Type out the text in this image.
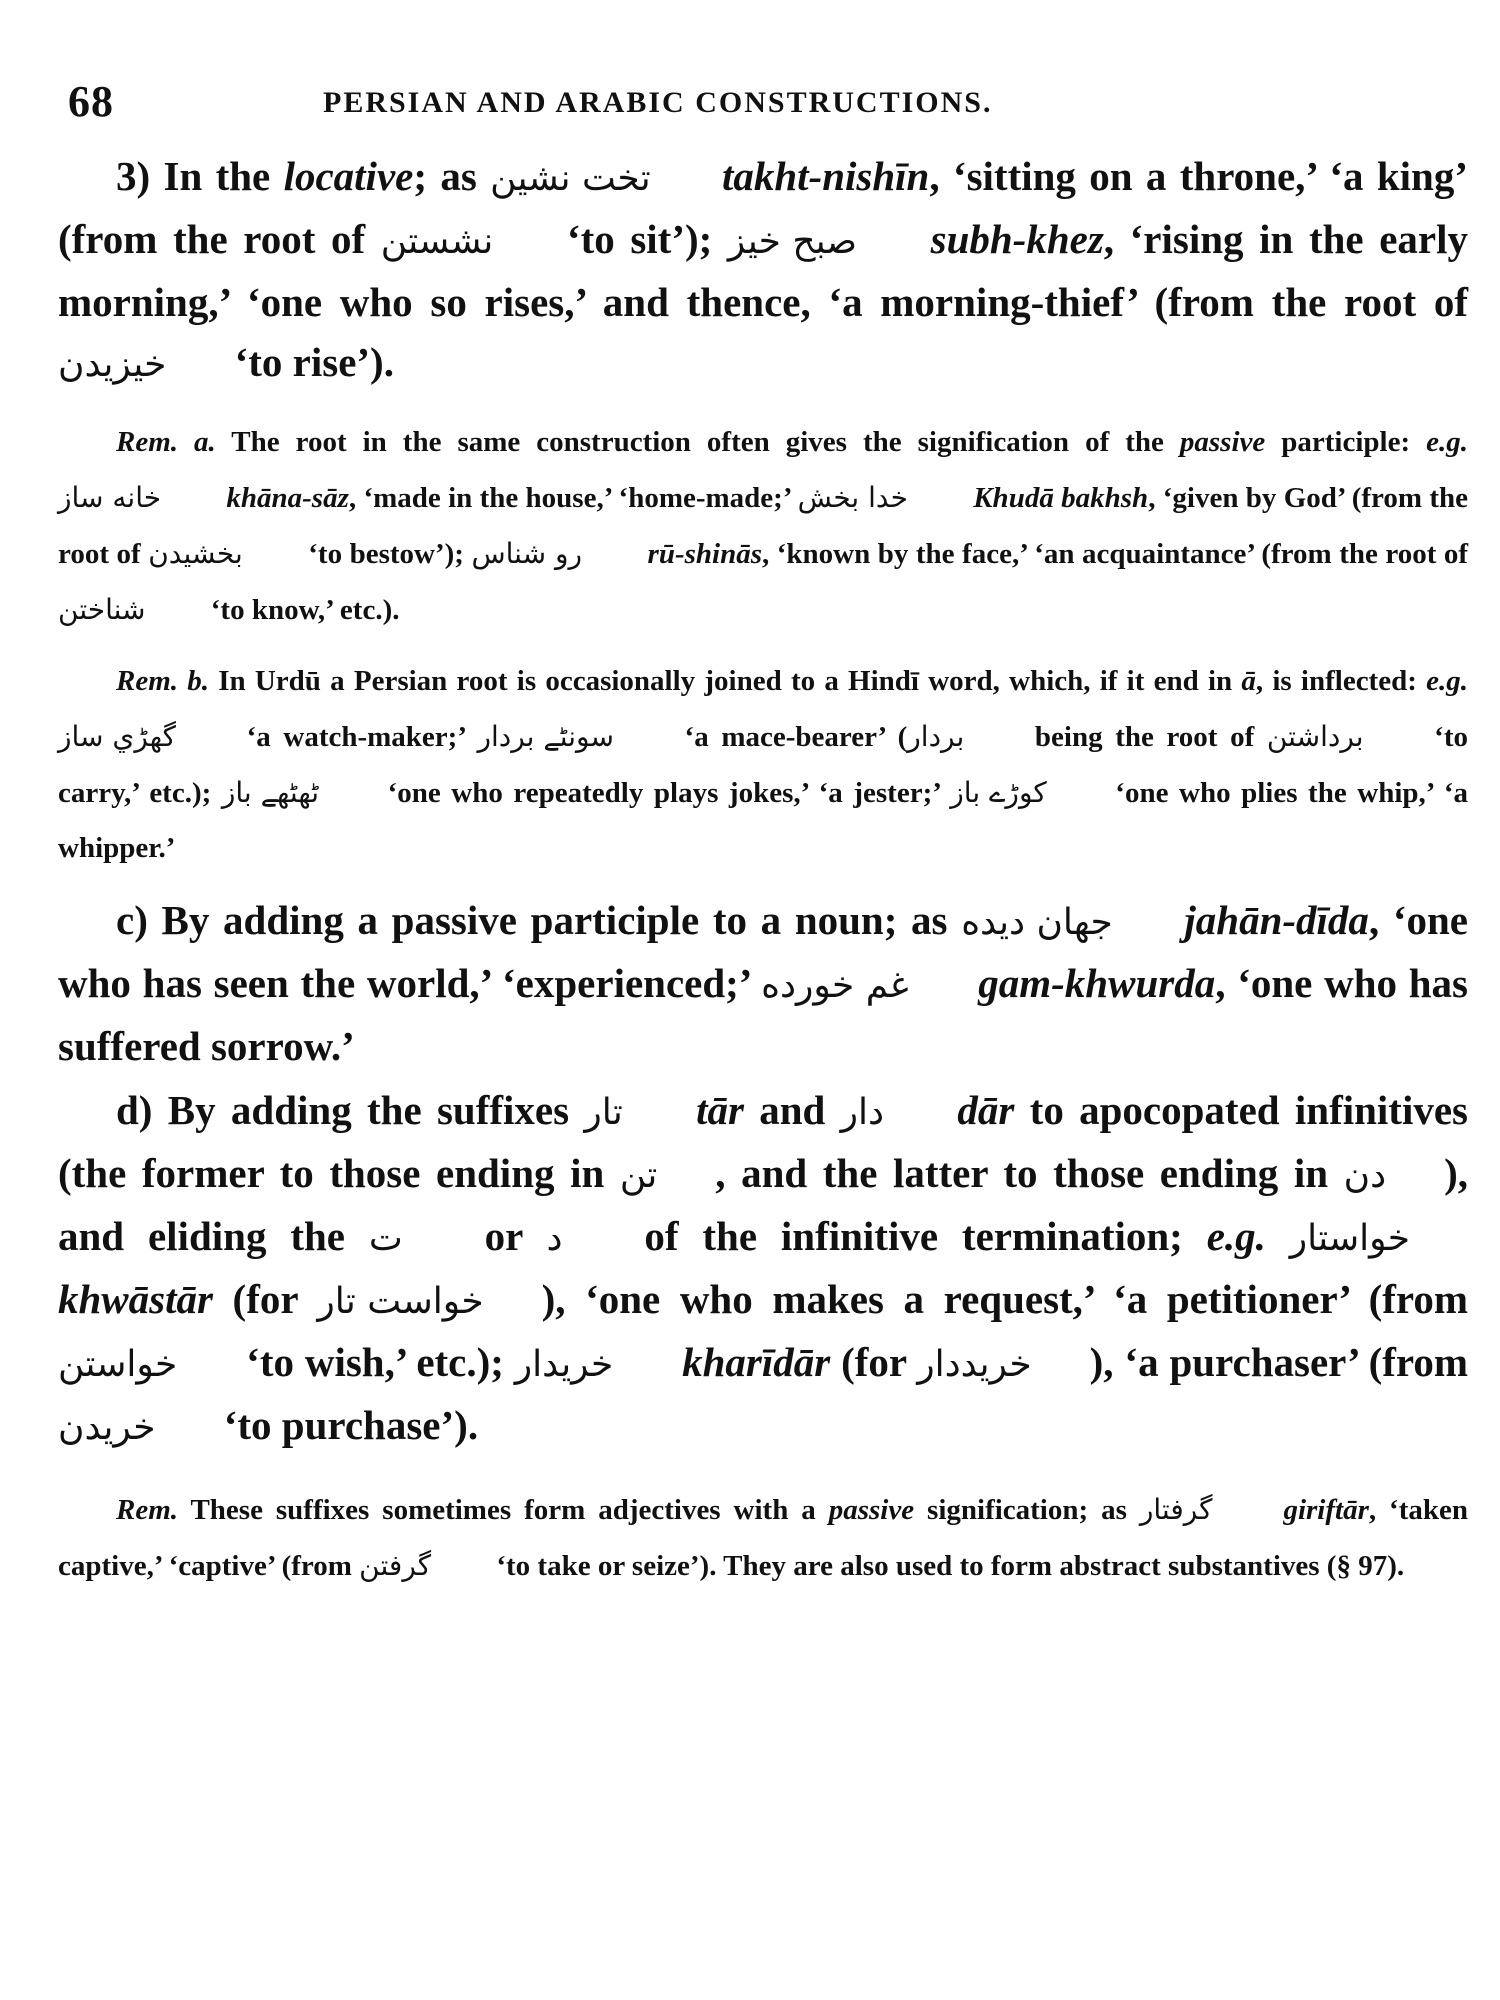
68	PERSIAN AND ARABIC CONSTRUCTIONS.

3) In the locative; as تخت نشين takht-nishīn, ‘sitting on a throne,’ ‘a king’ (from the root of نشستن ‘to sit’); صبح خيز subh-khez, ‘rising in the early morning,’ ‘one who so rises,’ and thence, ‘a morning-thief’ (from the root of خيزيدن ‘to rise’).

Rem. a. The root in the same construction often gives the signification of the passive participle: e.g. خانه ساز khāna-sāz, ‘made in the house,’ ‘home-made;’ خدا بخش Khudā bakhsh, ‘given by God’ (from the root of بخشيدن ‘to bestow’); رو شناس rū-shinās, ‘known by the face,’ ‘an acquaintance’ (from the root of شناختن ‘to know,’ etc.).

Rem. b. In Urdū a Persian root is occasionally joined to a Hindī word, which, if it end in ā, is inflected: e.g. گھڑي ساز ‘a watch-maker;’ سونٹے بردار ‘a mace-bearer’ (بردار being the root of برداشتن ‘to carry,’ etc.); ٹھٹھے باز ‘one who repeatedly plays jokes,’ ‘a jester;’ کوڑے باز ‘one who plies the whip,’ ‘a whipper.’

c) By adding a passive participle to a noun; as جهان ديده jahān-dīda, ‘one who has seen the world,’ ‘experienced;’ غم خورده gam-khwurda, ‘one who has suffered sorrow.’

d) By adding the suffixes تار tār and دار dār to apocopated infinitives (the former to those ending in تن , and the latter to those ending in دن ), and eliding the ت or د of the infinitive termination; e.g. خواستار khwāstār (for خواست تار ), ‘one who makes a request,’ ‘a petitioner’ (from خواستن ‘to wish,’ etc.); خريدار kharīdār (for خريددار ), ‘a purchaser’ (from خريدن ‘to purchase’).

Rem. These suffixes sometimes form adjectives with a passive signification; as گرفتار giriftār, ‘taken captive,’ ‘captive’ (from گرفتن ‘to take or seize’). They are also used to form abstract substantives (§ 97).
